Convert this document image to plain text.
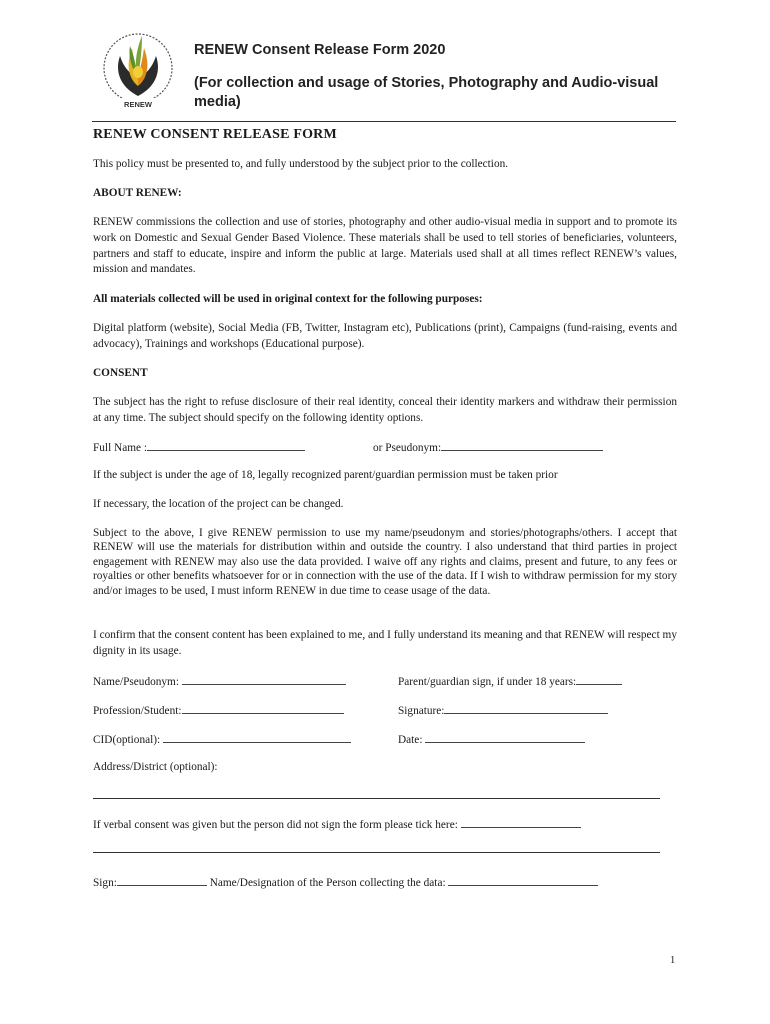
RENEW
RENEW Consent Release Form 2020
(For collection and usage of Stories, Photography and Audio-visual media)
RENEW CONSENT RELEASE FORM

This policy must be presented to, and fully understood by the subject prior to the collection.

ABOUT RENEW:

RENEW commissions the collection and use of stories, photography and other audio-visual media in support and to promote its work on Domestic and Sexual Gender Based Violence. These materials shall be used to tell stories of beneficiaries, volunteers, partners and staff to educate, inspire and inform the public at large. Materials used shall at all times reflect RENEW’s values, mission and mandates.

All materials collected will be used in original context for the following purposes:

Digital platform (website), Social Media (FB, Twitter, Instagram etc), Publications (print), Campaigns (fund-raising, events and advocacy), Trainings and workshops (Educational purpose).

CONSENT

The subject has the right to refuse disclosure of their real identity, conceal their identity markers and withdraw their permission at any time. The subject should specify on the following identity options.

Full Name :	or Pseudonym:

If the subject is under the age of 18, legally recognized parent/guardian permission must be taken prior

If necessary, the location of the project can be changed.

Subject to the above, I give RENEW permission to use my name/pseudonym and stories/photographs/others. I accept that RENEW will use the materials for distribution within and outside the country. I also understand that third parties in project engagement with RENEW may also use the data provided. I waive off any rights and claims, present and future, to any fees or royalties or other benefits whatsoever for or in connection with the use of the data. If I wish to withdraw permission for my story and/or images to be used, I must inform RENEW in due time to cease usage of the data.

I confirm that the consent content has been explained to me, and I fully understand its meaning and that RENEW will respect my dignity in its usage.

Name/Pseudonym:	Parent/guardian sign, if under 18 years:
Profession/Student:	Signature:
CID(optional):	Date:

Address/District (optional):

If verbal consent was given but the person did not sign the form please tick here:
Sign:	Name/Designation of the Person collecting the data:
1
